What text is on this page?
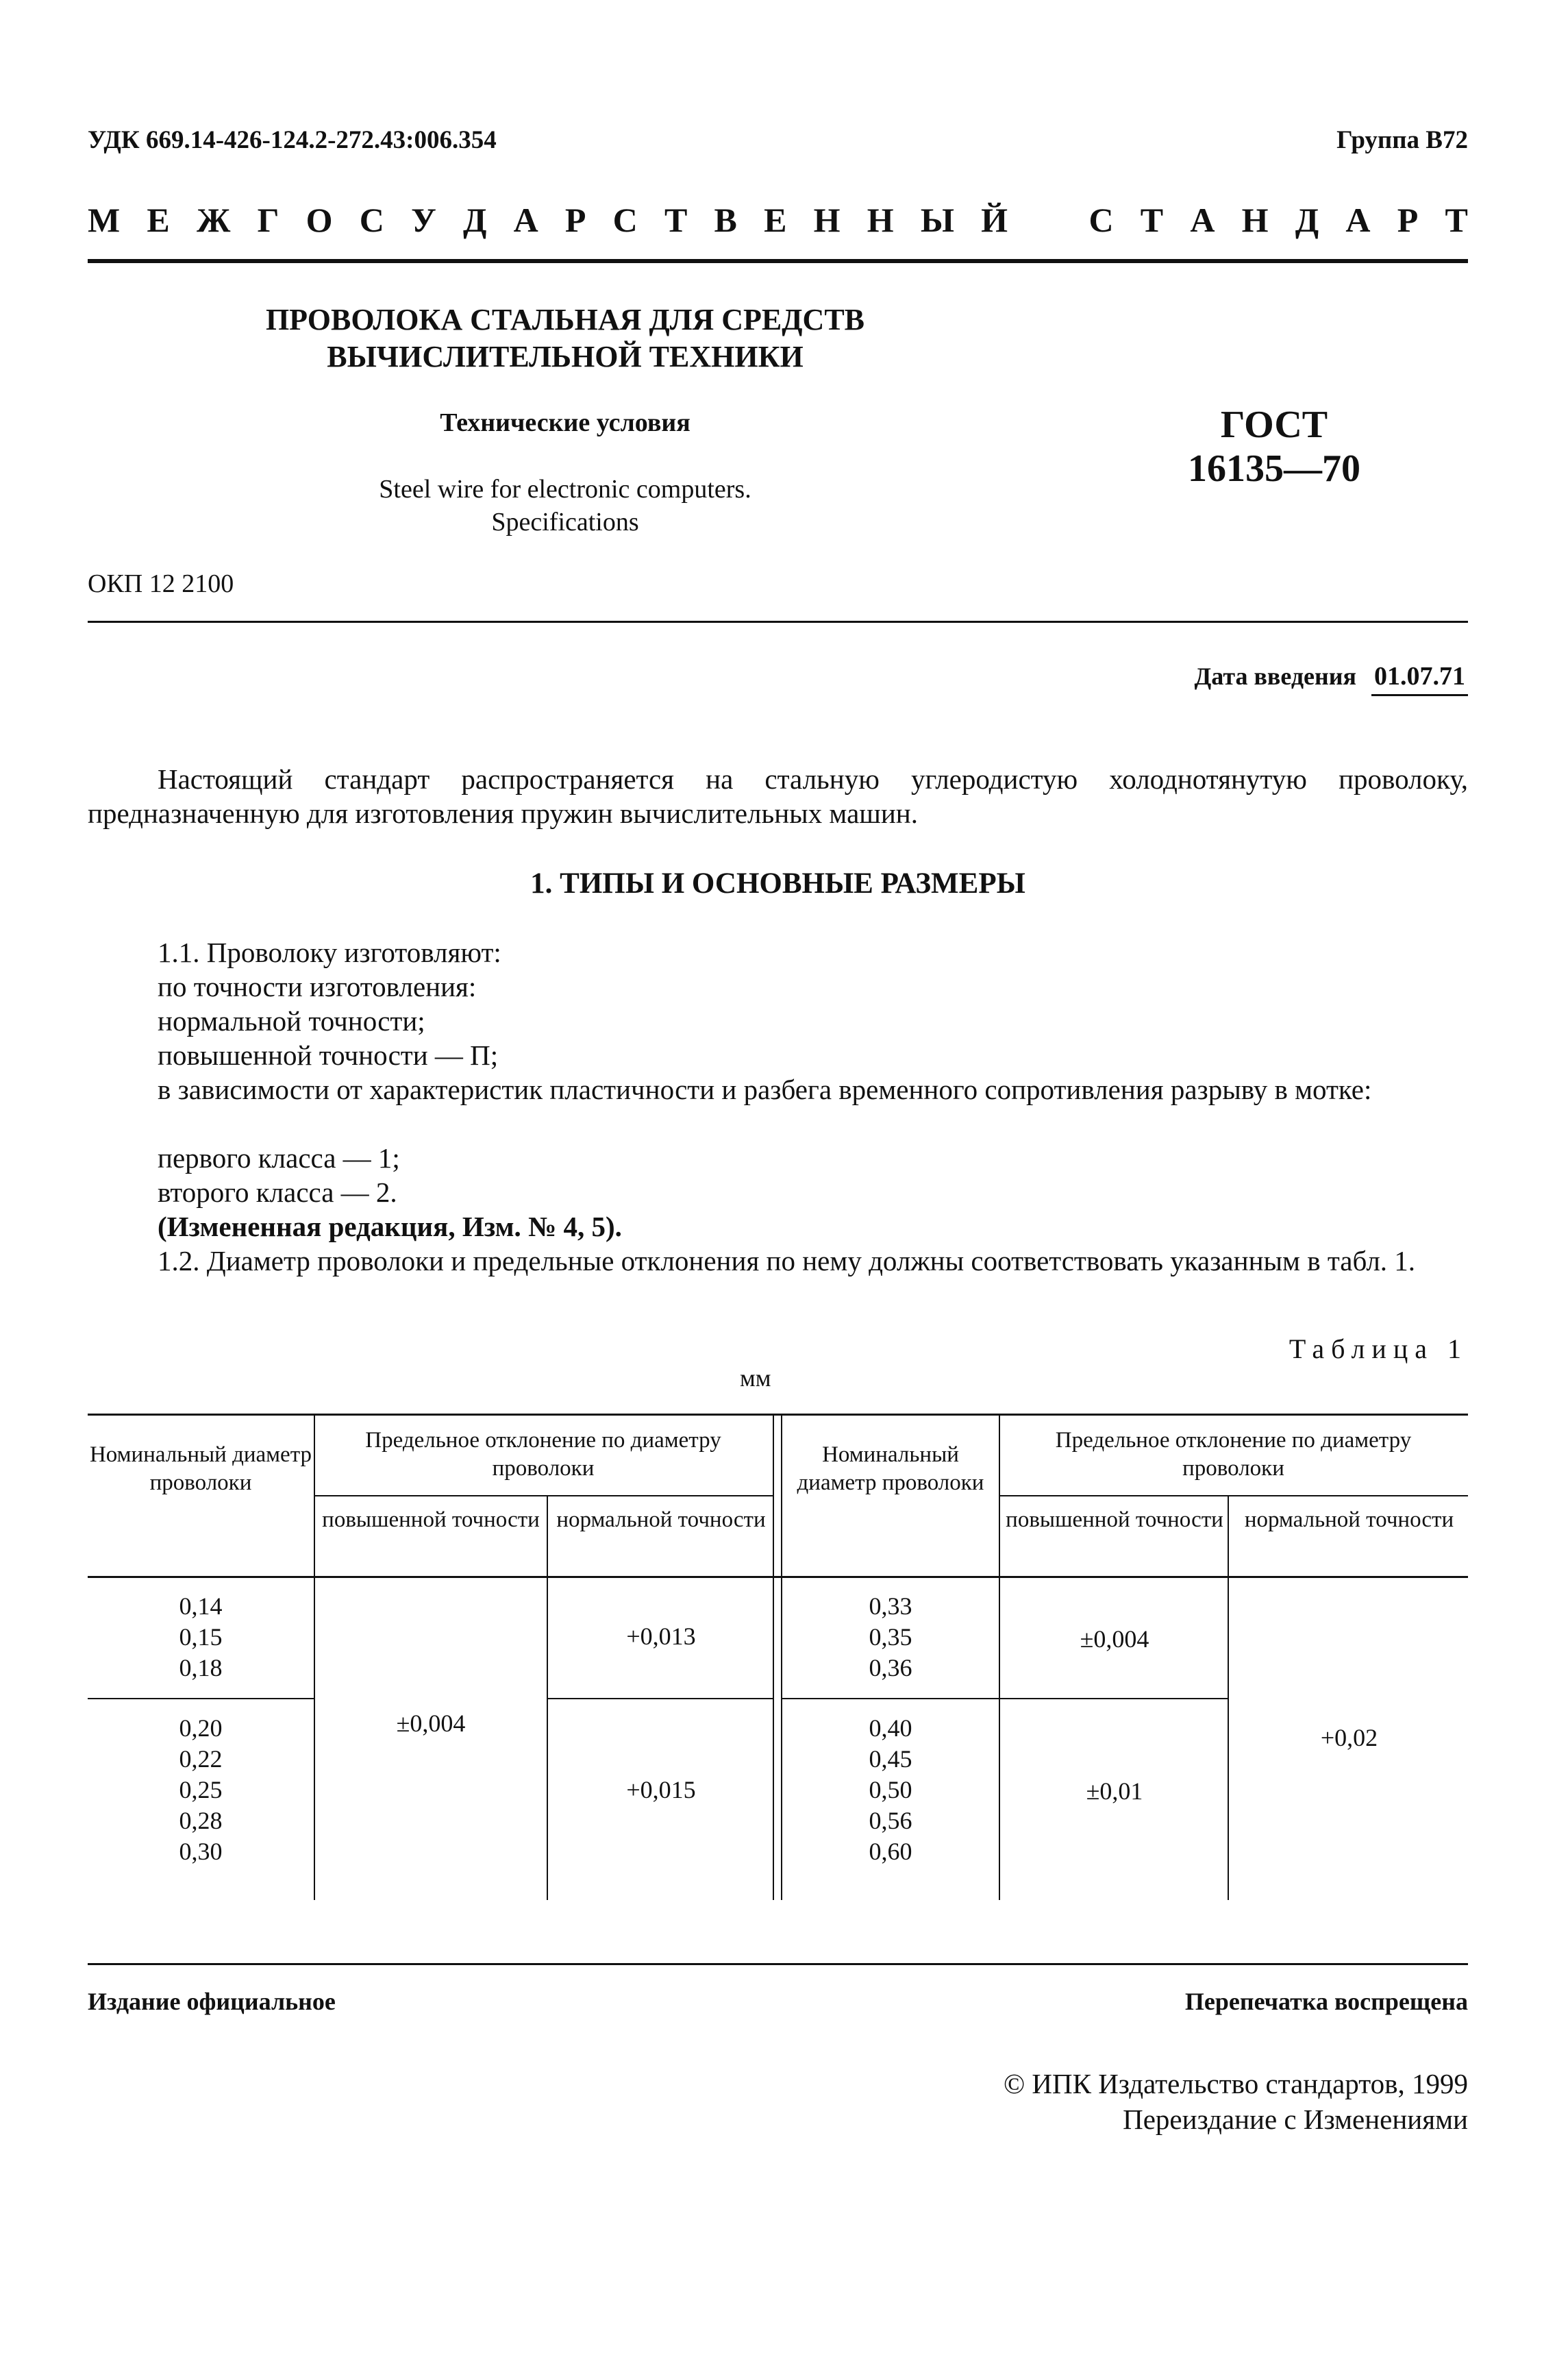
УДК 669.14-426-124.2-272.43:006.354	Группа В72
М Е Ж Г О С У Д А Р С Т В Е Н Н Ы Й С Т А Н Д А Р Т
ПРОВОЛОКА СТАЛЬНАЯ ДЛЯ СРЕДСТВ
ВЫЧИСЛИТЕЛЬНОЙ ТЕХНИКИ
Технические условия
Steel wire for electronic computers.
Specifications
ГОСТ
16135—70
ОКП 12 2100
Дата введения 01.07.71
Настоящий стандарт распространяется на стальную углеродистую холоднотянутую проволоку, предназначенную для изготовления пружин вычислительных машин.
1. ТИПЫ И ОСНОВНЫЕ РАЗМЕРЫ
1.1. Проволоку изготовляют:
по точности изготовления:
нормальной точности;
повышенной точности — П;
в зависимости от характеристик пластичности и разбега временного сопротивления разрыву в мотке:
первого класса — 1;
второго класса — 2.
(Измененная редакция, Изм. № 4, 5).
1.2. Диаметр проволоки и предельные отклонения по нему должны соответствовать указанным в табл. 1.
Таблица 1
мм
Номинальный диаметр проволоки
Предельное отклонение по диаметру проволоки
повышенной точности нормальной точности
Номинальный диаметр проволоки
Предельное отклонение по диаметру проволоки
повышенной точности нормальной точности
0,14
0,15
0,18
0,20
0,22
0,25
0,28
0,30
±0,004
+0,013
+0,015
0,33
0,35
0,36
0,40
0,45
0,50
0,56
0,60
±0,004
±0,01
+0,02
Издание официальное	Перепечатка воспрещена
© ИПК Издательство стандартов, 1999
Переиздание с Изменениями
